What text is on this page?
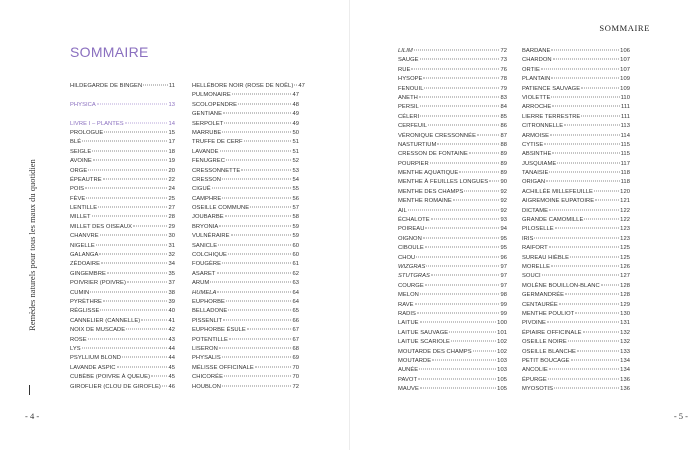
Remèdes naturels pour tous les maux du quotidien
- 4 -
SOMMAIRE
HILDEGARDE DE BINGEN	11
PHYSICA	13
LIVRE I – PLANTES	14
PROLOGUE	15
BLÉ	17
SEIGLE	18
AVOINE	19
ORGE	20
ÉPEAUTRE	22
POIS	24
FÈVE	25
LENTILLE	27
MILLET	28
MILLET DES OISEAUX	29
CHANVRE	30
NIGELLE	31
GALANGA	32
ZÉDOAIRE	34
GINGEMBRE	35
POIVRIER (POIVRE)	37
CUMIN	38
PYRÈTHRE	39
RÉGLISSE	40
CANNELIER (CANNELLE)	41
NOIX DE MUSCADE	42
ROSE	43
LYS	44
PSYLLIUM BLOND	44
LAVANDE ASPIC	45
CUBÈBE (POIVRE À QUEUE)	45
GIROFLIER (CLOU DE GIROFLE) 46
HELLÉBORE NOIR (ROSE DE NOËL) 47
PULMONAIRE	47
SCOLOPENDRE	48
GENTIANE	49
SERPOLET	49
MARRUBE	50
TRUFFE DE CERF	51
LAVANDE	51
FENUGREC	52
CRESSONNETTE	53
CRESSON	54
CIGUË	55
CAMPHRE	56
OSEILLE COMMUNE	57
JOUBARBE	58
BRYONIA	59
VULNÉRAIRE	59
SANICLE	60
COLCHIQUE	60
FOUGÈRE	61
ASARET	62
ARUM	63
HUMELA	64
EUPHORBE	64
BELLADONE	65
PISSENLIT	66
EUPHORBE ÉSULE	67
POTENTILLE	67
LISERON	68
PHYSALIS	69
MÉLISSE OFFICINALE	70
CHICORÉE	70
HOUBLON	72
SOMMAIRE
LILIM	72
SAUGE	73
RUE	76
HYSOPE	78
FENOUIL	79
ANETH	83
PERSIL	84
CÉLERI	85
CERFEUIL	86
VÉRONIQUE CRESSONNÉE	87
NASTURTIUM	88
CRESSON DE FONTAINE	89
POURPIER	89
MENTHE AQUATIQUE	89
MENTHE À FEUILLES LONGUES 90
MENTHE DES CHAMPS	92
MENTHE ROMAINE	92
AIL	92
ÉCHALOTE	93
POIREAU	94
OIGNON	95
CIBOULE	95
CHOU	96
WIZGRAS	97
STUTGRAS	97
COURGE	97
MELON	98
RAVE	99
RADIS	99
LAITUE	100
LAITUE SAUVAGE	101
LAITUE SCARIOLE	102
MOUTARDE DES CHAMPS	102
MOUTARDE	103
AUNÉE	103
PAVOT	105
MAUVE	105
BARDANE	106
CHARDON	107
ORTIE	107
PLANTAIN	109
PATIENCE SAUVAGE	109
VIOLETTE	110
ARROCHE	111
LIERRE TERRESTRE	111
CITRONNELLE	113
ARMOISE	114
CYTISE	115
ABSINTHE	115
JUSQUIAME	117
TANAISIE	118
ORIGAN	118
ACHILLÉE MILLEFEUILLE	120
AIGREMOINE EUPATOIRE	121
DICTAME	122
GRANDE CAMOMILLE	122
PILOSELLE	123
IRIS	123
RAIFORT	125
SUREAU HIÈBLE	125
MORELLE	126
SOUCI	127
MOLÈNE BOUILLON-BLANC	128
GERMANDRÉE	128
CENTAURÉE	129
MENTHE POULIOT	130
PIVOINE	131
ÉPIAIRE OFFICINALE	132
OSEILLE NOIRE	132
OSEILLE BLANCHE	133
PETIT BOUCAGE	134
ANCOLIE	134
ÉPURGE	136
MYOSOTIS	136
- 5 -
